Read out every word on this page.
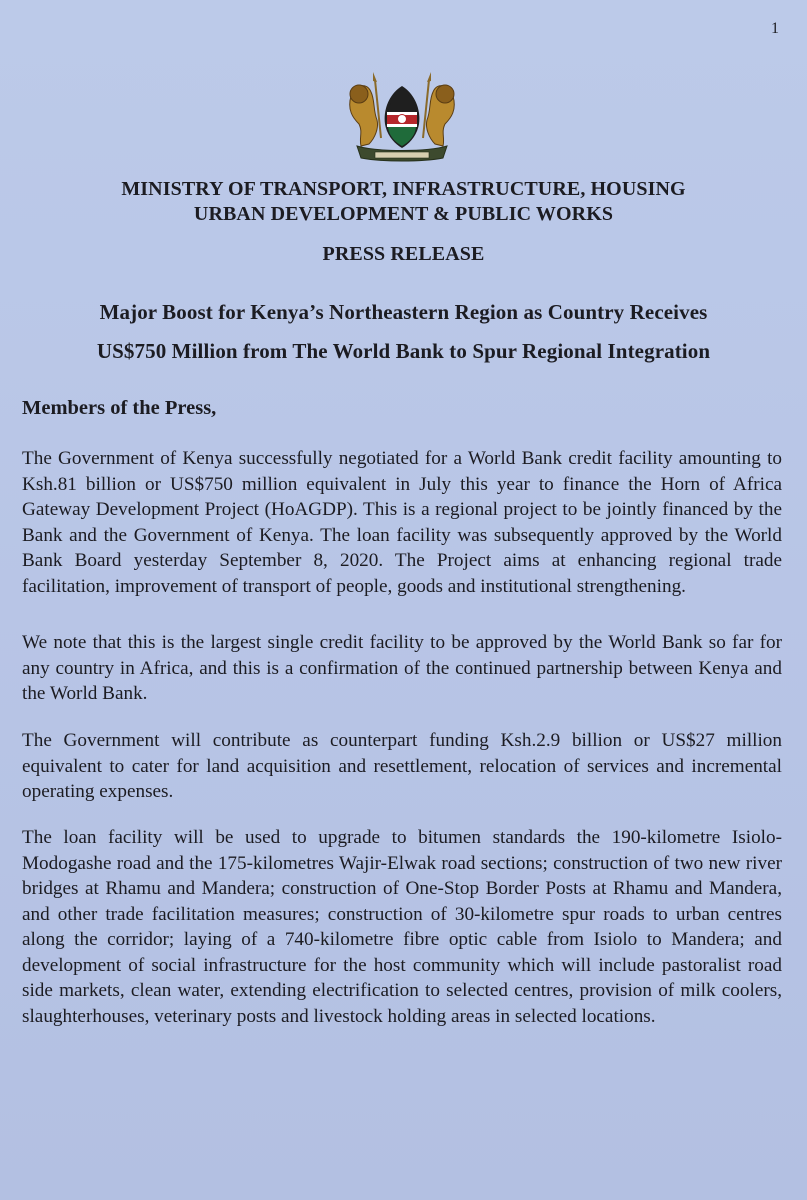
1
MINISTRY OF TRANSPORT, INFRASTRUCTURE, HOUSING
URBAN DEVELOPMENT & PUBLIC WORKS
PRESS RELEASE
Major Boost for Kenya’s Northeastern Region as Country Receives
US$750 Million from The World Bank to Spur Regional Integration
Members of the Press,

The Government of Kenya successfully negotiated for a World Bank credit facility amounting to Ksh.81 billion or US$750 million equivalent in July this year to finance the Horn of Africa Gateway Development Project (HoAGDP). This is a regional project to be jointly financed by the Bank and the Government of Kenya. The loan facility was subsequently approved by the World Bank Board yesterday September 8, 2020. The Project aims at enhancing regional trade facilitation, improvement of transport of people, goods and institutional strengthening.

We note that this is the largest single credit facility to be approved by the World Bank so far for any country in Africa, and this is a confirmation of the continued partnership between Kenya and the World Bank.

The Government will contribute as counterpart funding Ksh.2.9 billion or US$27 million equivalent to cater for land acquisition and resettlement, relocation of services and incremental operating expenses.

The loan facility will be used to upgrade to bitumen standards the 190-kilometre Isiolo-Modogashe road and the 175-kilometres Wajir-Elwak road sections; construction of two new river bridges at Rhamu and Mandera; construction of One-Stop Border Posts at Rhamu and Mandera, and other trade facilitation measures; construction of 30-kilometre spur roads to urban centres along the corridor; laying of a 740-kilometre fibre optic cable from Isiolo to Mandera; and development of social infrastructure for the host community which will include pastoralist road side markets, clean water, extending electrification to selected centres, provision of milk coolers, slaughterhouses, veterinary posts and livestock holding areas in selected locations.
